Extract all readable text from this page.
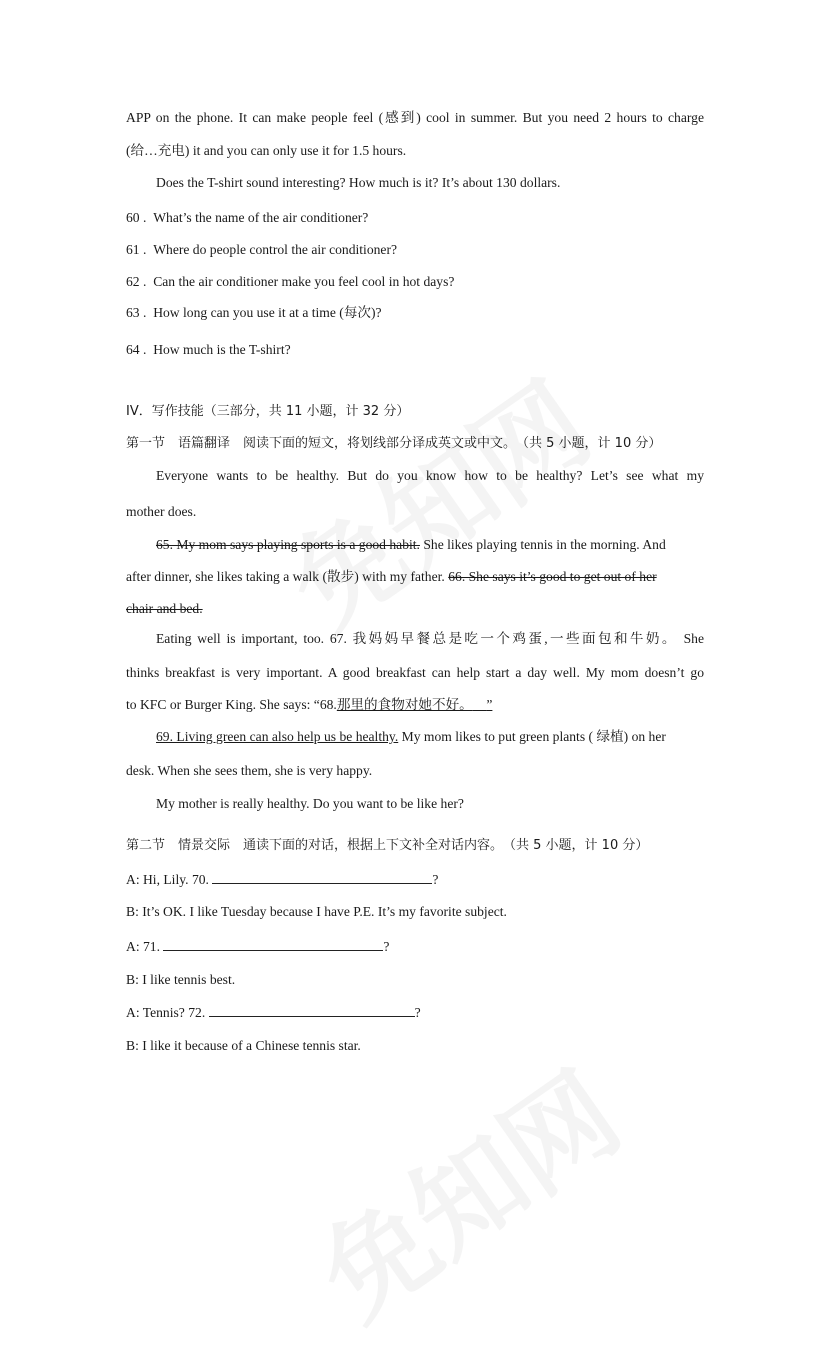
APP on the phone. It can make people feel (感到) cool in summer. But you need 2 hours to charge
(给…充电) it and you can only use it for 1.5 hours.
Does the T-shirt sound interesting? How much is it? It’s about 130 dollars.
60 . What’s the name of the air conditioner?
61 . Where do people control the air conditioner?
62 . Can the air conditioner make you feel cool in hot days?
63 . How long can you use it at a time (每次)?
64 . How much is the T-shirt?
IV．写作技能（三部分，共 11 小题，计 32 分）
第一节　语篇翻译　阅读下面的短文，将划线部分译成英文或中文。　（共 5 小题，计 10 分）
Everyone wants to be healthy. But do you know how to be healthy? Let’s see what my
mother does.
65. My mom says playing sports is a good habit. She likes playing tennis in the morning. And
after dinner, she likes taking a walk (散步) with my father. 66. She says it’s good to get out of her
chair and bed.
Eating well is important, too. 67. 我妈妈早餐总是吃一个鸡蛋,一些面包和牛奶。 She
thinks breakfast is very important. A good breakfast can help start a day well. My mom doesn’t go
to KFC or Burger King. She says: “68.那里的食物对她不好。 ”
69. Living green can also help us be healthy. My mom likes to put green plants ( 绿植) on her
desk. When she sees them, she is very happy.
My mother is really healthy. Do you want to be like her?
第二节　情景交际　通读下面的对话，根据上下文补全对话内容。　（共 5 小题，计 10 分）
A: Hi, Lily. 70.	?
B: It’s OK. I like Tuesday because I have P.E. It’s my favorite subject.
A: 71.	?
B: I like tennis best.
A: Tennis? 72.	?
B: I like it because of a Chinese tennis star.
